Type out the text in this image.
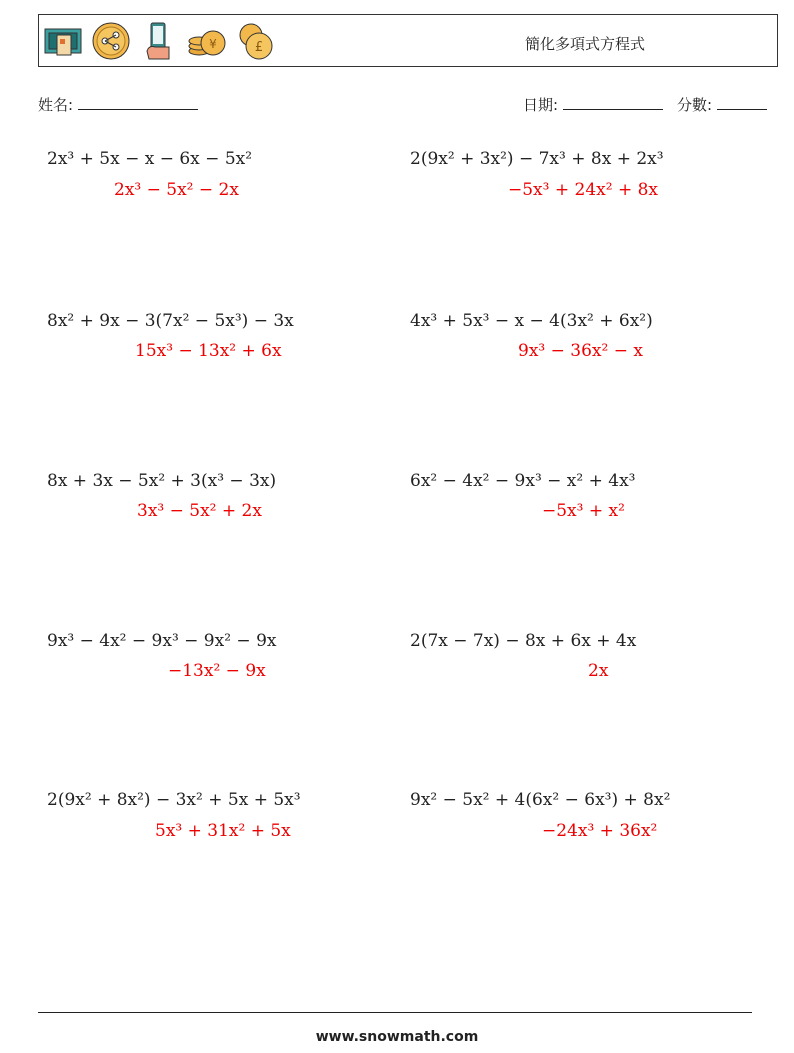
¥	£	簡化多項式方程式
姓名:	日期:	分數:
2x³ + 5x − x − 6x − 5x²
2x³ − 5x² − 2x
8x² + 9x − 3(7x² − 5x³) − 3x
15x³ − 13x² + 6x
8x + 3x − 5x² + 3(x³ − 3x)
3x³ − 5x² + 2x
9x³ − 4x² − 9x³ − 9x² − 9x
−13x² − 9x
2(9x² + 8x²) − 3x² + 5x + 5x³
5x³ + 31x² + 5x
2(9x² + 3x²) − 7x³ + 8x + 2x³
−5x³ + 24x² + 8x
4x³ + 5x³ − x − 4(3x² + 6x²)
9x³ − 36x² − x
6x² − 4x² − 9x³ − x² + 4x³
−5x³ + x²
2(7x − 7x) − 8x + 6x + 4x
2x
9x² − 5x² + 4(6x² − 6x³) + 8x²
−24x³ + 36x²
www.snowmath.com
